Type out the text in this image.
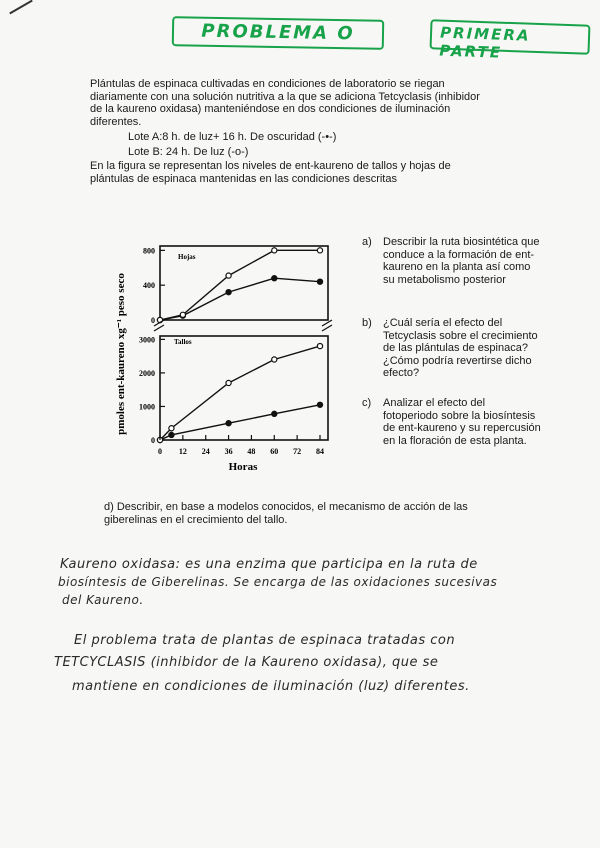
PROBLEMA O	PRIMERA PARTE
Plántulas de espinaca cultivadas en condiciones de laboratorio se riegan diariamente con una solución nutritiva a la que se adiciona Tetcyclasis (inhibidor de la kaureno oxidasa) manteniéndose en dos condiciones de iluminación diferentes.
Lote A:8 h. de luz+ 16 h. De oscuridad (-•-)
Lote B: 24 h. De luz (-o-)
En la figura se representan los niveles de ent-kaureno de tallos y hojas de plántulas de espinaca mantenidas en las condiciones descritas
0
400
800
0
1000
2000
3000
0 12 24 36 48 60 72 84
pmoles ent-kaureno xg⁻¹ peso seco
Hojas
Tallos
Horas
a) Describir la ruta biosintética que conduce a la formación de ent-kaureno en la planta así como su metabolismo posterior
b) ¿Cuál sería el efecto del Tetcyclasis sobre el crecimiento de las plántulas de espinaca? ¿Cómo podría revertirse dicho efecto?
c) Analizar el efecto del fotoperiodo sobre la biosíntesis de ent-kaureno y su repercusión en la floración de esta planta.
d) Describir, en base a modelos conocidos, el mecanismo de acción de las giberelinas en el crecimiento del tallo.
Kaureno oxidasa: es una enzima que participa en la ruta de
biosíntesis de Giberelinas. Se encarga de las oxidaciones sucesivas
del Kaureno.
El problema trata de plantas de espinaca tratadas con
TETCYCLASIS (inhibidor de la Kaureno oxidasa), que se
mantiene en condiciones de iluminación (luz) diferentes.
